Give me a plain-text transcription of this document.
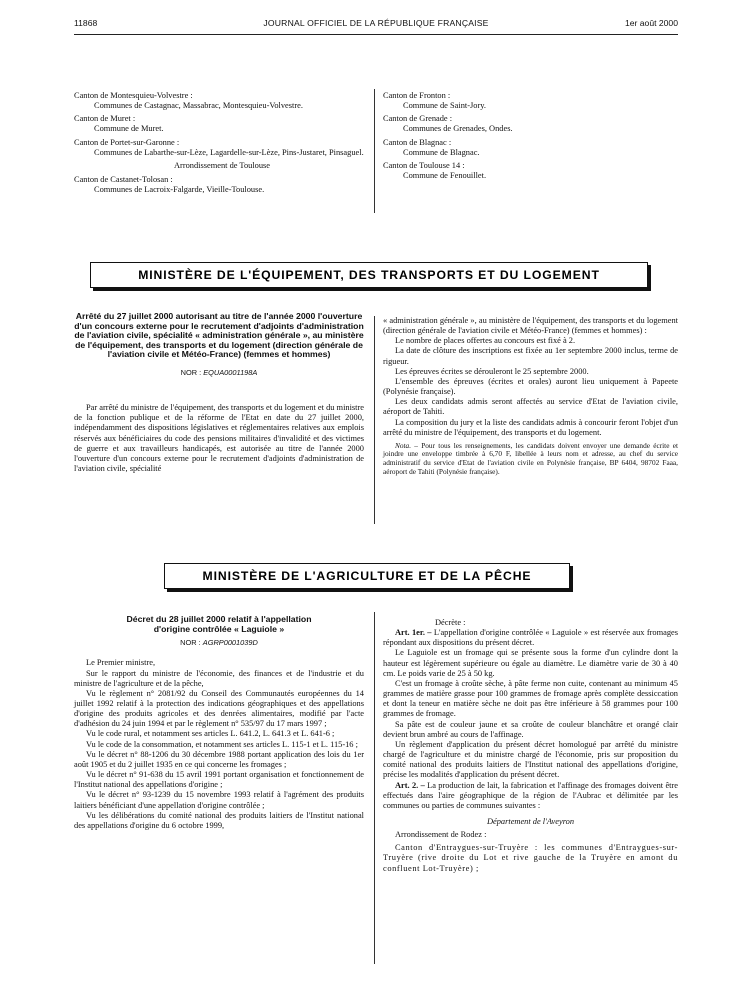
11868	JOURNAL OFFICIEL DE LA RÉPUBLIQUE FRANÇAISE	1er août 2000

Canton de Montesquieu-Volvestre :

Communes de Castagnac, Massabrac, Montesquieu-Volvestre.

Canton de Muret :

Commune de Muret.

Canton de Portet-sur-Garonne :

Communes de Labarthe-sur-Lèze, Lagardelle-sur-Lèze, Pins-Justaret, Pinsaguel.

Arrondissement de Toulouse

Canton de Castanet-Tolosan :

Communes de Lacroix-Falgarde, Vieille-Toulouse.

Canton de Fronton :

Commune de Saint-Jory.

Canton de Grenade :

Communes de Grenades, Ondes.

Canton de Blagnac :

Commune de Blagnac.

Canton de Toulouse 14 :

Commune de Fenouillet.

MINISTÈRE DE L'ÉQUIPEMENT, DES TRANSPORTS ET DU LOGEMENT

Arrêté du 27 juillet 2000 autorisant au titre de l'année 2000 l'ouverture d'un concours externe pour le recrutement d'adjoints d'administration de l'aviation civile, spécialité « administration générale », au ministère de l'équipement, des transports et du logement (direction générale de l'aviation civile et Météo-France) (femmes et hommes)

NOR : EQUA0001198A

Par arrêté du ministre de l'équipement, des transports et du logement et du ministre de la fonction publique et de la réforme de l'Etat en date du 27 juillet 2000, indépendamment des dispositions législatives et réglementaires relatives aux emplois réservés aux bénéficiaires du code des pensions militaires d'invalidité et des victimes de guerre et aux travailleurs handicapés, est autorisée au titre de l'année 2000 l'ouverture d'un concours externe pour le recrutement d'adjoints d'administration de l'aviation civile, spécialité

« administration générale », au ministère de l'équipement, des transports et du logement (direction générale de l'aviation civile et Météo-France) (femmes et hommes) :

Le nombre de places offertes au concours est fixé à 2.

La date de clôture des inscriptions est fixée au 1er septembre 2000 inclus, terme de rigueur.

Les épreuves écrites se dérouleront le 25 septembre 2000.

L'ensemble des épreuves (écrites et orales) auront lieu uniquement à Papeete (Polynésie française).

Les deux candidats admis seront affectés au service d'Etat de l'aviation civile, aéroport de Tahiti.

La composition du jury et la liste des candidats admis à concourir feront l'objet d'un arrêté du ministre de l'équipement, des transports et du logement.

Nota. – Pour tous les renseignements, les candidats doivent envoyer une demande écrite et joindre une enveloppe timbrée à 6,70 F, libellée à leurs nom et adresse, au chef du service administratif du service d'Etat de l'aviation civile en Polynésie française, BP 6404, 98702 Faaa, aéroport de Tahiti (Polynésie française).

MINISTÈRE DE L'AGRICULTURE ET DE LA PÊCHE

Décret du 28 juillet 2000 relatif à l'appellation d'origine contrôlée « Laguiole »

NOR : AGRP0001039D

Le Premier ministre,

Sur le rapport du ministre de l'économie, des finances et de l'industrie et du ministre de l'agriculture et de la pêche,

Vu le règlement n° 2081/92 du Conseil des Communautés européennes du 14 juillet 1992 relatif à la protection des indications géographiques et des appellations d'origine des produits agricoles et des denrées alimentaires, modifié par l'acte d'adhésion du 24 juin 1994 et par le règlement n° 535/97 du 17 mars 1997 ;

Vu le code rural, et notamment ses articles L. 641.2, L. 641.3 et L. 641-6 ;

Vu le code de la consommation, et notamment ses articles L. 115-1 et L. 115-16 ;

Vu le décret n° 88-1206 du 30 décembre 1988 portant application des lois du 1er août 1905 et du 2 juillet 1935 en ce qui concerne les fromages ;

Vu le décret n° 91-638 du 15 avril 1991 portant organisation et fonctionnement de l'Institut national des appellations d'origine ;

Vu le décret n° 93-1239 du 15 novembre 1993 relatif à l'agrément des produits laitiers bénéficiant d'une appellation d'origine contrôlée ;

Vu les délibérations du comité national des produits laitiers de l'Institut national des appellations d'origine du 6 octobre 1999,

Décrète :

Art. 1er. – L'appellation d'origine contrôlée « Laguiole » est réservée aux fromages répondant aux dispositions du présent décret.

Le Laguiole est un fromage qui se présente sous la forme d'un cylindre dont la hauteur est légèrement supérieure ou égale au diamètre. Le diamètre varie de 30 à 40 cm. Le poids varie de 25 à 50 kg.

C'est un fromage à croûte sèche, à pâte ferme non cuite, contenant au minimum 45 grammes de matière grasse pour 100 grammes de fromage après complète dessiccation et dont la teneur en matière sèche ne doit pas être inférieure à 58 grammes pour 100 grammes de fromage.

Sa pâte est de couleur jaune et sa croûte de couleur blanchâtre et orangé clair devient brun ambré au cours de l'affinage.

Un règlement d'application du présent décret homologué par arrêté du ministre chargé de l'agriculture et du ministre chargé de l'économie, pris sur proposition du comité national des produits laitiers de l'Institut national des appellations d'origine, précise les modalités d'application du présent décret.

Art. 2. – La production de lait, la fabrication et l'affinage des fromages doivent être effectués dans l'aire géographique de la région de l'Aubrac et délimitée par les communes ou parties de communes suivantes :

Département de l'Aveyron

Arrondissement de Rodez :

Canton d'Entraygues-sur-Truyère : les communes d'Entraygues-sur-Truyère (rive droite du Lot et rive gauche de la Truyère en amont du confluent Lot-Truyère) ;
